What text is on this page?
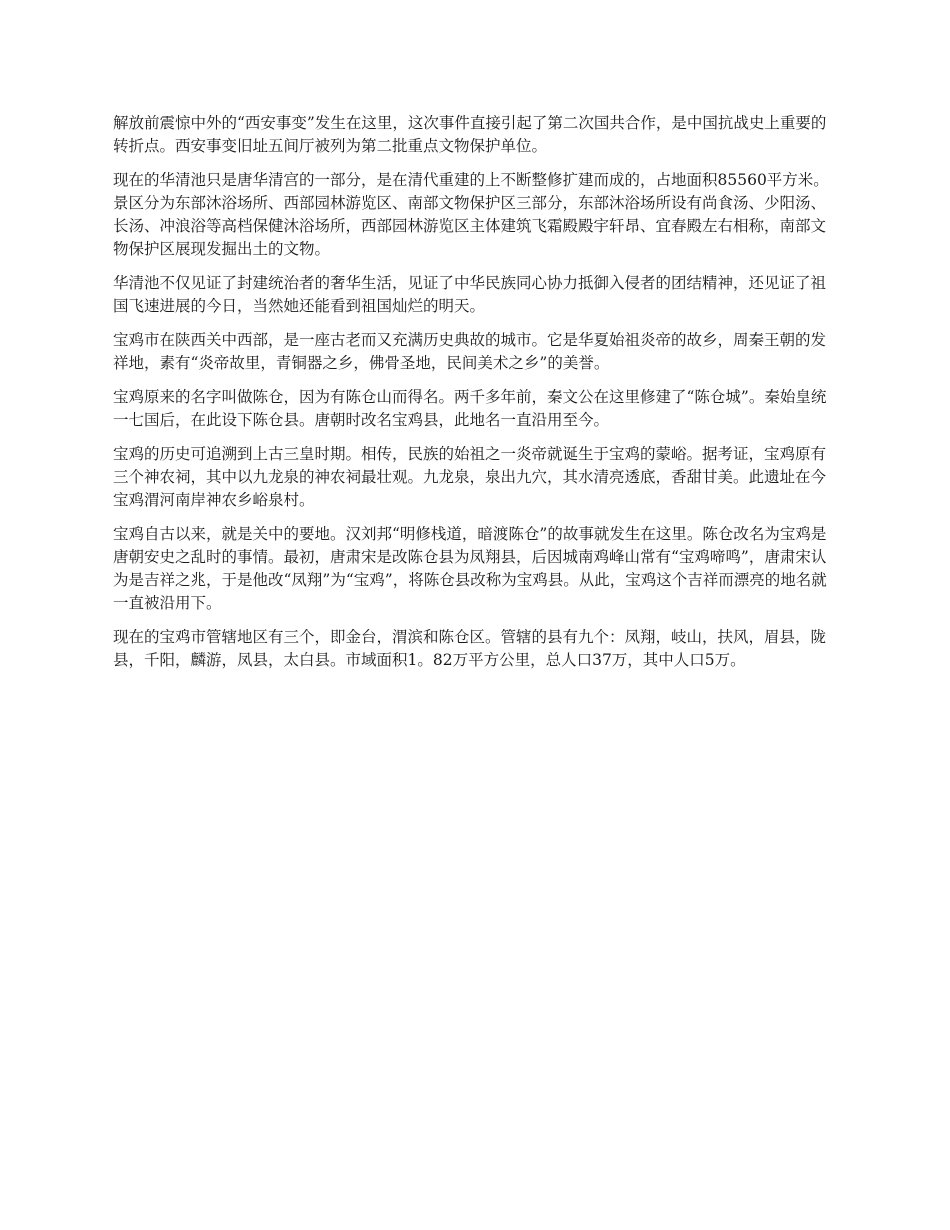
解放前震惊中外的“西安事变”发生在这里，这次事件直接引起了第二次国共合作，是中国抗战史上重要的转折点。西安事变旧址五间厅被列为第二批重点文物保护单位。

现在的华清池只是唐华清宫的一部分，是在清代重建的上不断整修扩建而成的，占地面积85560平方米。景区分为东部沐浴场所、西部园林游览区、南部文物保护区三部分，东部沐浴场所设有尚食汤、少阳汤、长汤、冲浪浴等高档保健沐浴场所，西部园林游览区主体建筑飞霜殿殿宇轩昂、宜春殿左右相称，南部文物保护区展现发掘出土的文物。

华清池不仅见证了封建统治者的奢华生活，见证了中华民族同心协力抵御入侵者的团结精神，还见证了祖国飞速进展的今日，当然她还能看到祖国灿烂的明天。

宝鸡市在陕西关中西部，是一座古老而又充满历史典故的城市。它是华夏始祖炎帝的故乡，周秦王朝的发祥地，素有“炎帝故里，青铜器之乡，佛骨圣地，民间美术之乡”的美誉。

宝鸡原来的名字叫做陈仓，因为有陈仓山而得名。两千多年前，秦文公在这里修建了“陈仓城”。秦始皇统一七国后，在此设下陈仓县。唐朝时改名宝鸡县，此地名一直沿用至今。

宝鸡的历史可追溯到上古三皇时期。相传，民族的始祖之一炎帝就诞生于宝鸡的蒙峪。据考证，宝鸡原有三个神农祠，其中以九龙泉的神农祠最壮观。九龙泉，泉出九穴，其水清亮透底，香甜甘美。此遗址在今宝鸡渭河南岸神农乡峪泉村。

宝鸡自古以来，就是关中的要地。汉刘邦“明修栈道，暗渡陈仓”的故事就发生在这里。陈仓改名为宝鸡是唐朝安史之乱时的事情。最初，唐肃宋是改陈仓县为凤翔县，后因城南鸡峰山常有“宝鸡啼鸣”，唐肃宋认为是吉祥之兆，于是他改“凤翔”为“宝鸡”，将陈仓县改称为宝鸡县。从此，宝鸡这个吉祥而漂亮的地名就一直被沿用下。

现在的宝鸡市管辖地区有三个，即金台，渭滨和陈仓区。管辖的县有九个：凤翔，岐山，扶风，眉县，陇县，千阳，麟游，凤县，太白县。市域面积1。82万平方公里，总人口37万，其中人口5万。
